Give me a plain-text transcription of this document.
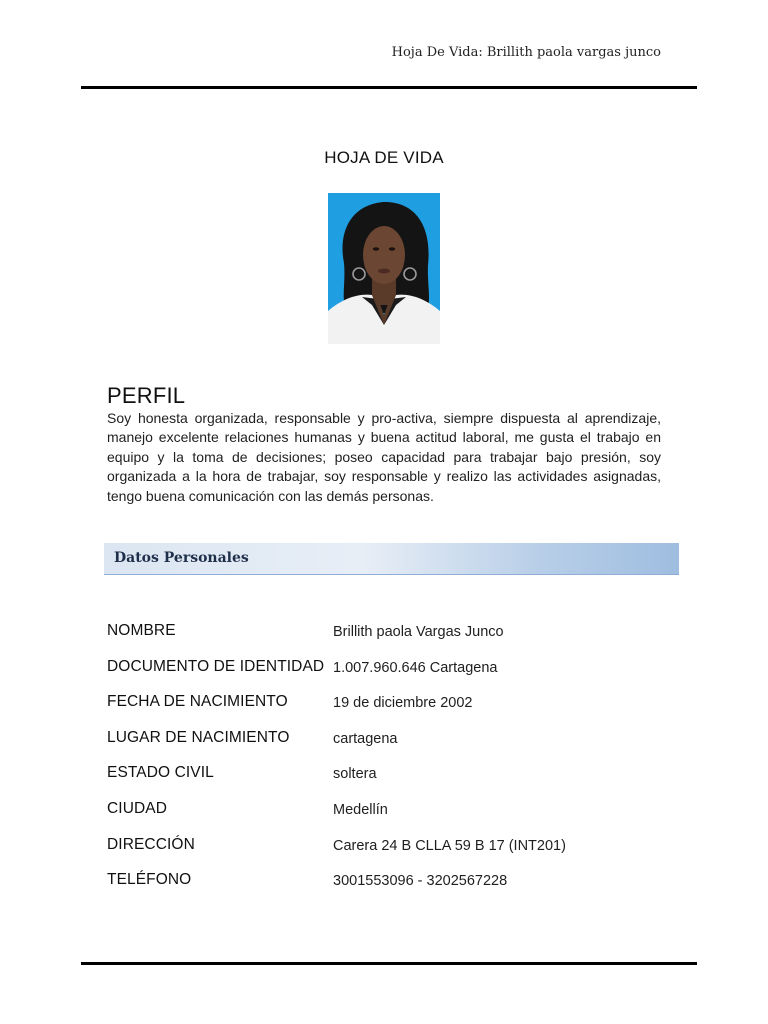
Hoja De Vida: Brillith paola vargas junco
HOJA DE VIDA
PERFIL
Soy honesta organizada, responsable y pro-activa, siempre dispuesta al aprendizaje, manejo excelente relaciones humanas y buena actitud laboral, me gusta el trabajo en equipo y la toma de decisiones; poseo capacidad para trabajar bajo presión, soy organizada a la hora de trabajar, soy responsable y realizo las actividades asignadas, tengo buena comunicación con las demás personas.
Datos Personales
NOMBRE	Brillith paola Vargas Junco
DOCUMENTO DE IDENTIDAD 1.007.960.646 Cartagena
FECHA DE NACIMIENTO	19 de diciembre 2002
LUGAR DE NACIMIENTO	cartagena
ESTADO CIVIL	soltera
CIUDAD	Medellín
DIRECCIÓN	Carera 24 B CLLA 59 B 17 (INT201)
TELÉFONO	3001553096 - 3202567228
